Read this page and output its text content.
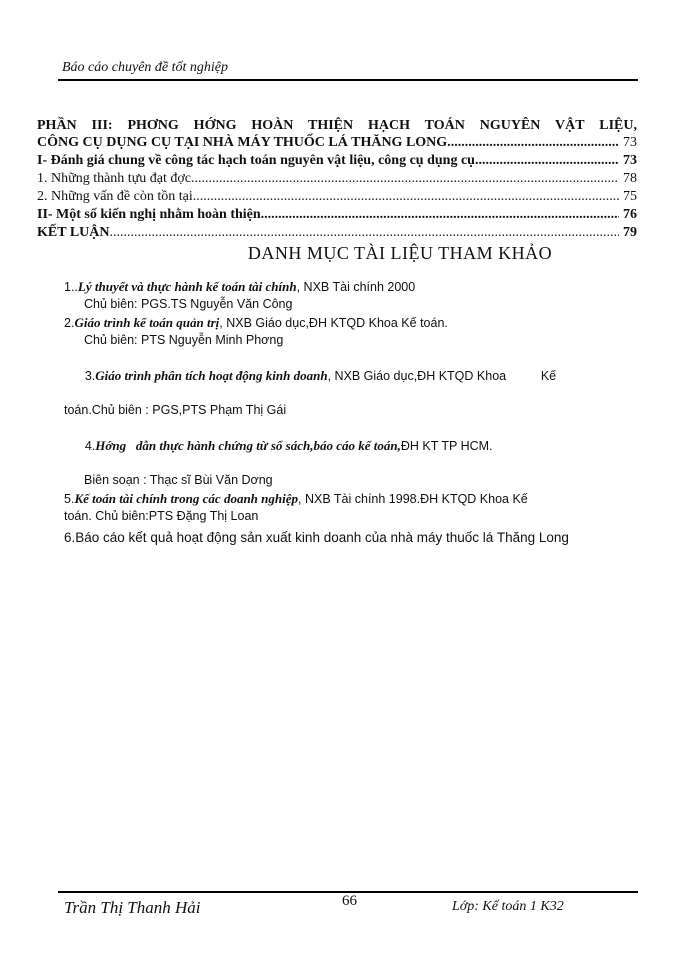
Báo cáo chuyên đề tốt nghiệp
PHẦN III: PHƠNG HỚNG HOÀN THIỆN HẠCH TOÁN NGUYÊN VẬT LIỆU,
CÔNG CỤ DỤNG CỤ TẠI NHÀ MÁY THUỐC LÁ THĂNG LONG. .....	73
I- Đánh giá chung về công tác hạch toán nguyên vật liệu, công cụ dụng cụ. .....	73
1. Những thành tựu đạt đợc .....	78
2. Những vấn đề còn tồn tại. .....	75
II- Một số kiến nghị nhằm hoàn thiện .....	76
KẾT LUẬN .....	79
DANH MỤC TÀI LIỆU THAM KHẢO
1..Lý thuyết và thực hành kế toán tài chính, NXB Tài chính 2000
Chủ biên: PGS.TS Nguyễn Văn Công
2.Giáo trình kế toán quản trị, NXB Giáo dục,ĐH KTQD Khoa Kế toán.
Chủ biên: PTS Nguyễn Minh Phơng

3.Giáo trình phân tích hoạt động kinh doanh, NXB Giáo dục,ĐH KTQD Khoa          Kế

toán.Chủ biên : PGS,PTS Phạm Thị Gái

4.Hớng   dẫn thực hành chứng từ sổ sách,báo cáo kế toán,ĐH KT TP HCM.

Biên soạn : Thạc sĩ Bùi Văn Dơng
5.Kế toán tài chính trong các doanh nghiệp, NXB Tài chính 1998.ĐH KTQD Khoa Kế
toán. Chủ biên:PTS Đặng Thị Loan
6.Báo cáo kết quả hoạt động sản xuất kinh doanh của nhà máy thuốc lá Thăng Long
Trần Thị Thanh Hải	66	Lớp: Kế toán 1 K32
